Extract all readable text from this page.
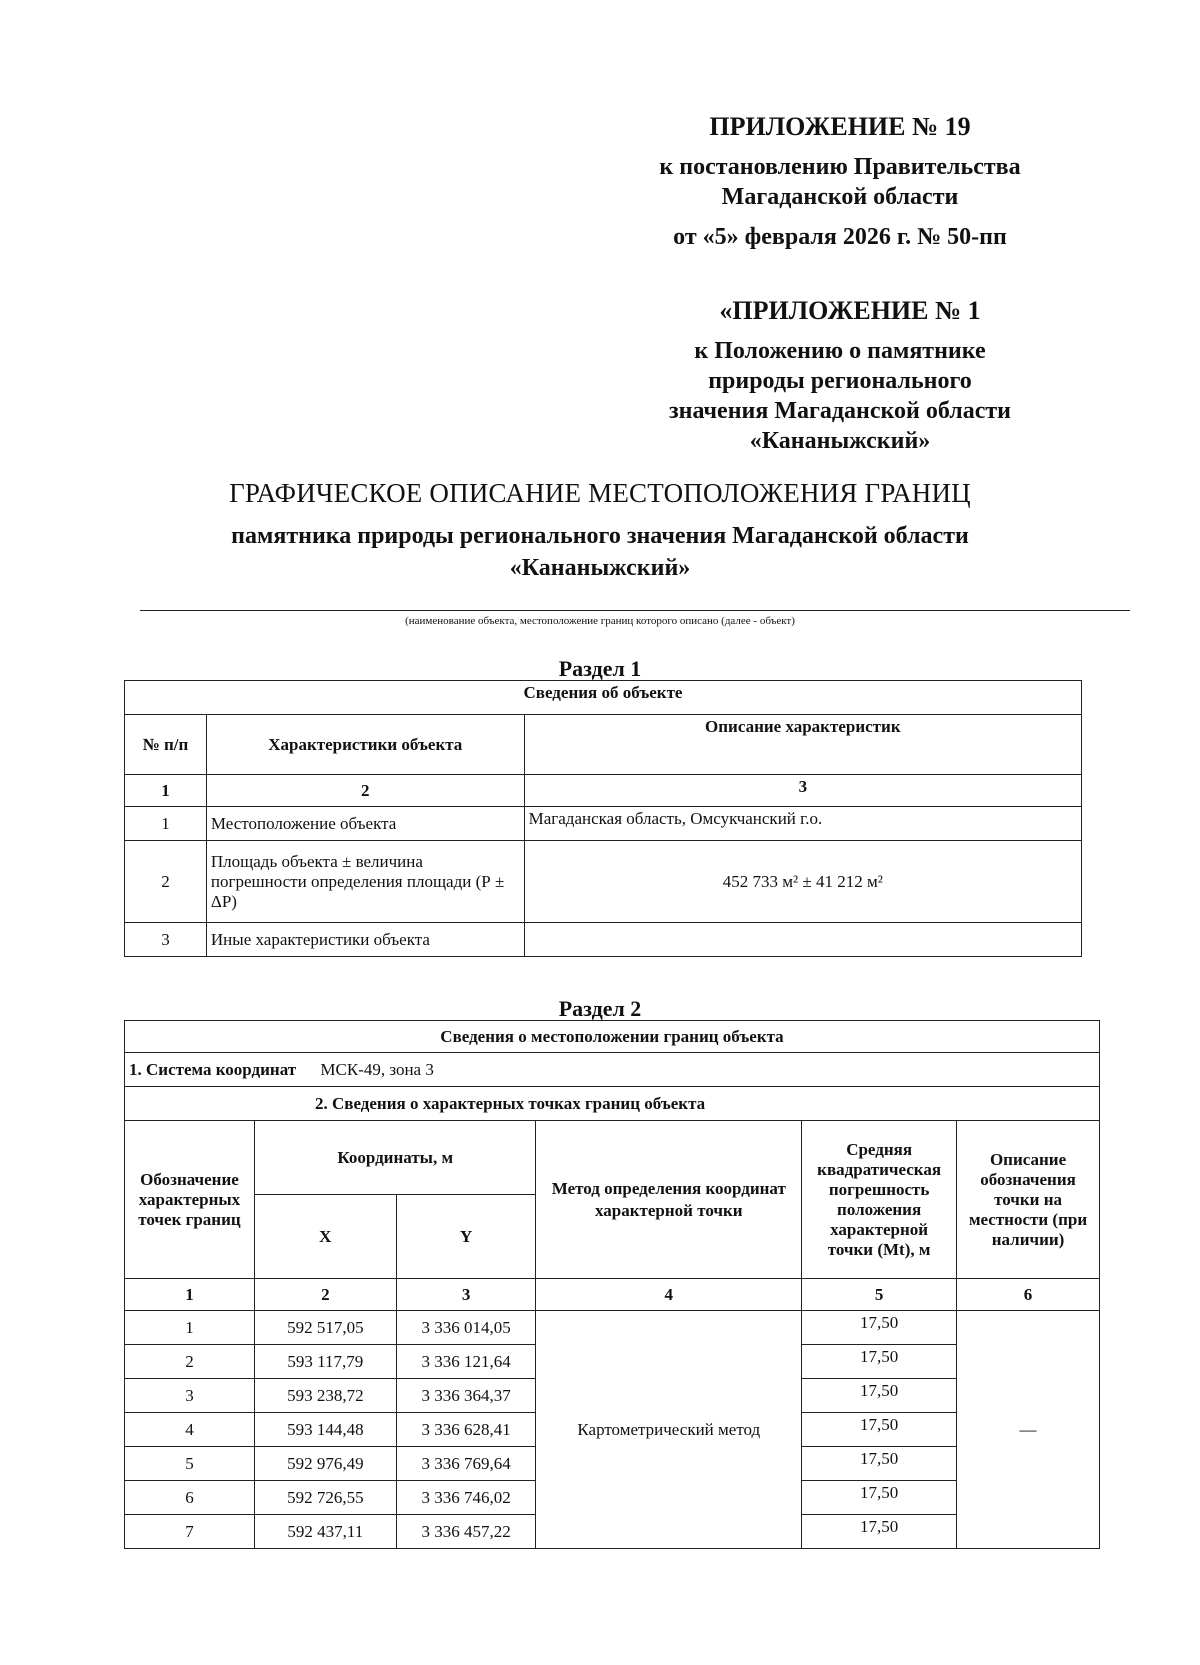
ПРИЛОЖЕНИЕ № 19
к постановлению Правительства
Магаданской области
от «5» февраля 2026 г. № 50-пп
«ПРИЛОЖЕНИЕ № 1
к Положению о памятнике
природы регионального
значения Магаданской области
«Кананыжский»
ГРАФИЧЕСКОЕ ОПИСАНИЕ МЕСТОПОЛОЖЕНИЯ ГРАНИЦ
памятника природы регионального значения Магаданской области
«Кананыжский»
(наименование объекта, местоположение границ которого описано (далее - объект)
Раздел 1
Сведения об объекте		
№ п/п	Характеристики объекта	Описание характеристик
1	2	3
1	Местоположение объекта	Магаданская область, Омсукчанский г.о.
2	Площадь объекта ± величина погрешности определения площади (Р ± ΔР)	452 733 м² ± 41 212 м²
3	Иные характеристики объекта	
Раздел 2
Сведения о местоположении границ объекта					
1. Система координат МСК-49, зона 3					
2. Сведения о характерных точках границ объекта					
Обозначение характерных точек границ	Координаты, м		Метод определения координат характерной точки	Средняя квадратическая погрешность положения характерной точки (Mt), м	Описание обозначения точки на местности (при наличии)
	X	Y			
1	2	3	4	5	6
1	592 517,05	3 336 014,05	Картометрический метод	17,50	—
2	593 117,79	3 336 121,64		17,50	
3	593 238,72	3 336 364,37		17,50	
4	593 144,48	3 336 628,41		17,50	
5	592 976,49	3 336 769,64		17,50	
6	592 726,55	3 336 746,02		17,50	
7	592 437,11	3 336 457,22		17,50	
